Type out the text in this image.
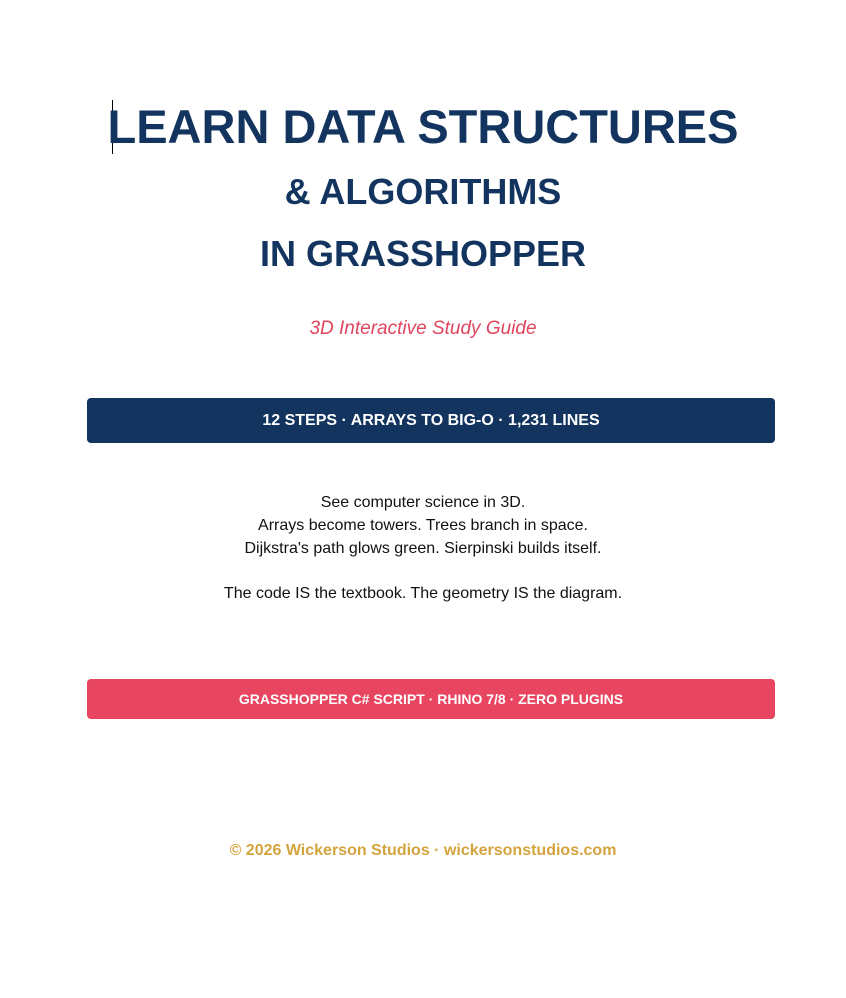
LEARN DATA STRUCTURES
& ALGORITHMS
IN GRASSHOPPER

3D Interactive Study Guide

12 STEPS · ARRAYS TO BIG-O · 1,231 LINES

See computer science in 3D.

Arrays become towers. Trees branch in space.

Dijkstra's path glows green. Sierpinski builds itself.

The code IS the textbook. The geometry IS the diagram.

GRASSHOPPER C# SCRIPT · RHINO 7/8 · ZERO PLUGINS

© 2026 Wickerson Studios · wickersonstudios.com
